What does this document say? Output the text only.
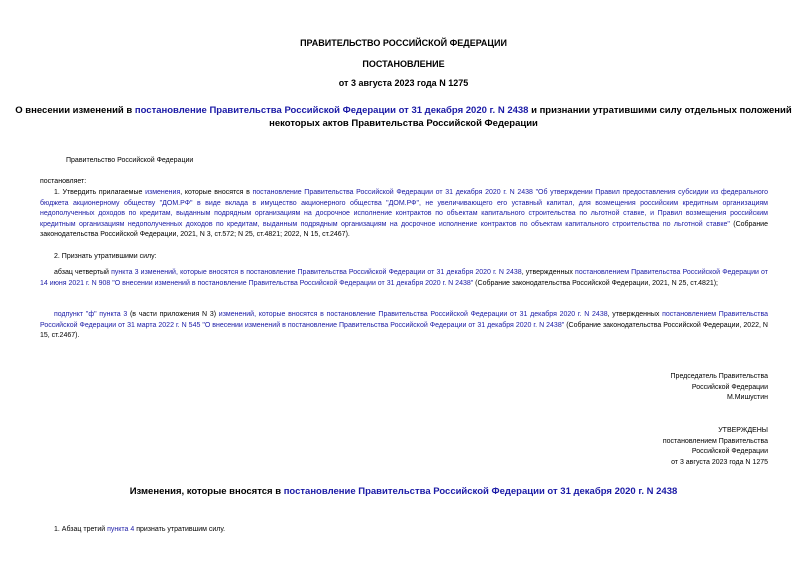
ПРАВИТЕЛЬСТВО РОССИЙСКОЙ ФЕДЕРАЦИИ
ПОСТАНОВЛЕНИЕ
от 3 августа 2023 года N 1275
О внесении изменений в постановление Правительства Российской Федерации от 31 декабря 2020 г. N 2438 и признании утратившими силу отдельных положений
некоторых актов Правительства Российской Федерации
Правительство Российской Федерации
постановляет:
1. Утвердить прилагаемые изменения, которые вносятся в постановление Правительства Российской Федерации от 31 декабря 2020 г. N 2438 "Об утверждении Правил предоставления субсидии из федерального бюджета акционерному обществу "ДОМ.РФ" в виде вклада в имущество акционерного общества "ДОМ.РФ", не увеличивающего его уставный капитал, для возмещения российским кредитным организациям недополученных доходов по кредитам, выданным подрядным организациям на досрочное исполнение контрактов по объектам капитального строительства по льготной ставке, и Правил возмещения российским кредитным организациям недополученных доходов по кредитам, выданным подрядным организациям на досрочное исполнение контрактов по объектам капитального строительства по льготной ставке" (Собрание законодательства Российской Федерации, 2021, N 3, ст.572; N 25, ст.4821; 2022, N 15, ст.2467).
2. Признать утратившими силу:
абзац четвертый пункта 3 изменений, которые вносятся в постановление Правительства Российской Федерации от 31 декабря 2020 г. N 2438, утвержденных постановлением Правительства Российской Федерации от 14 июня 2021 г. N 908 "О внесении изменений в постановление Правительства Российской Федерации от 31 декабря 2020 г. N 2438" (Собрание законодательства Российской Федерации, 2021, N 25, ст.4821);
подпункт "ф" пункта 3 (в части приложения N 3) изменений, которые вносятся в постановление Правительства Российской Федерации от 31 декабря 2020 г. N 2438, утвержденных постановлением Правительства Российской Федерации от 31 марта 2022 г. N 545 "О внесении изменений в постановление Правительства Российской Федерации от 31 декабря 2020 г. N 2438" (Собрание законодательства Российской Федерации, 2022, N 15, ст.2467).
Председатель Правительства
Российской Федерации
М.Мишустин
УТВЕРЖДЕНЫ
постановлением Правительства
Российской Федерации
от 3 августа 2023 года N 1275
Изменения, которые вносятся в постановление Правительства Российской Федерации от 31 декабря 2020 г. N 2438
1. Абзац третий пункта 4 признать утратившим силу.
